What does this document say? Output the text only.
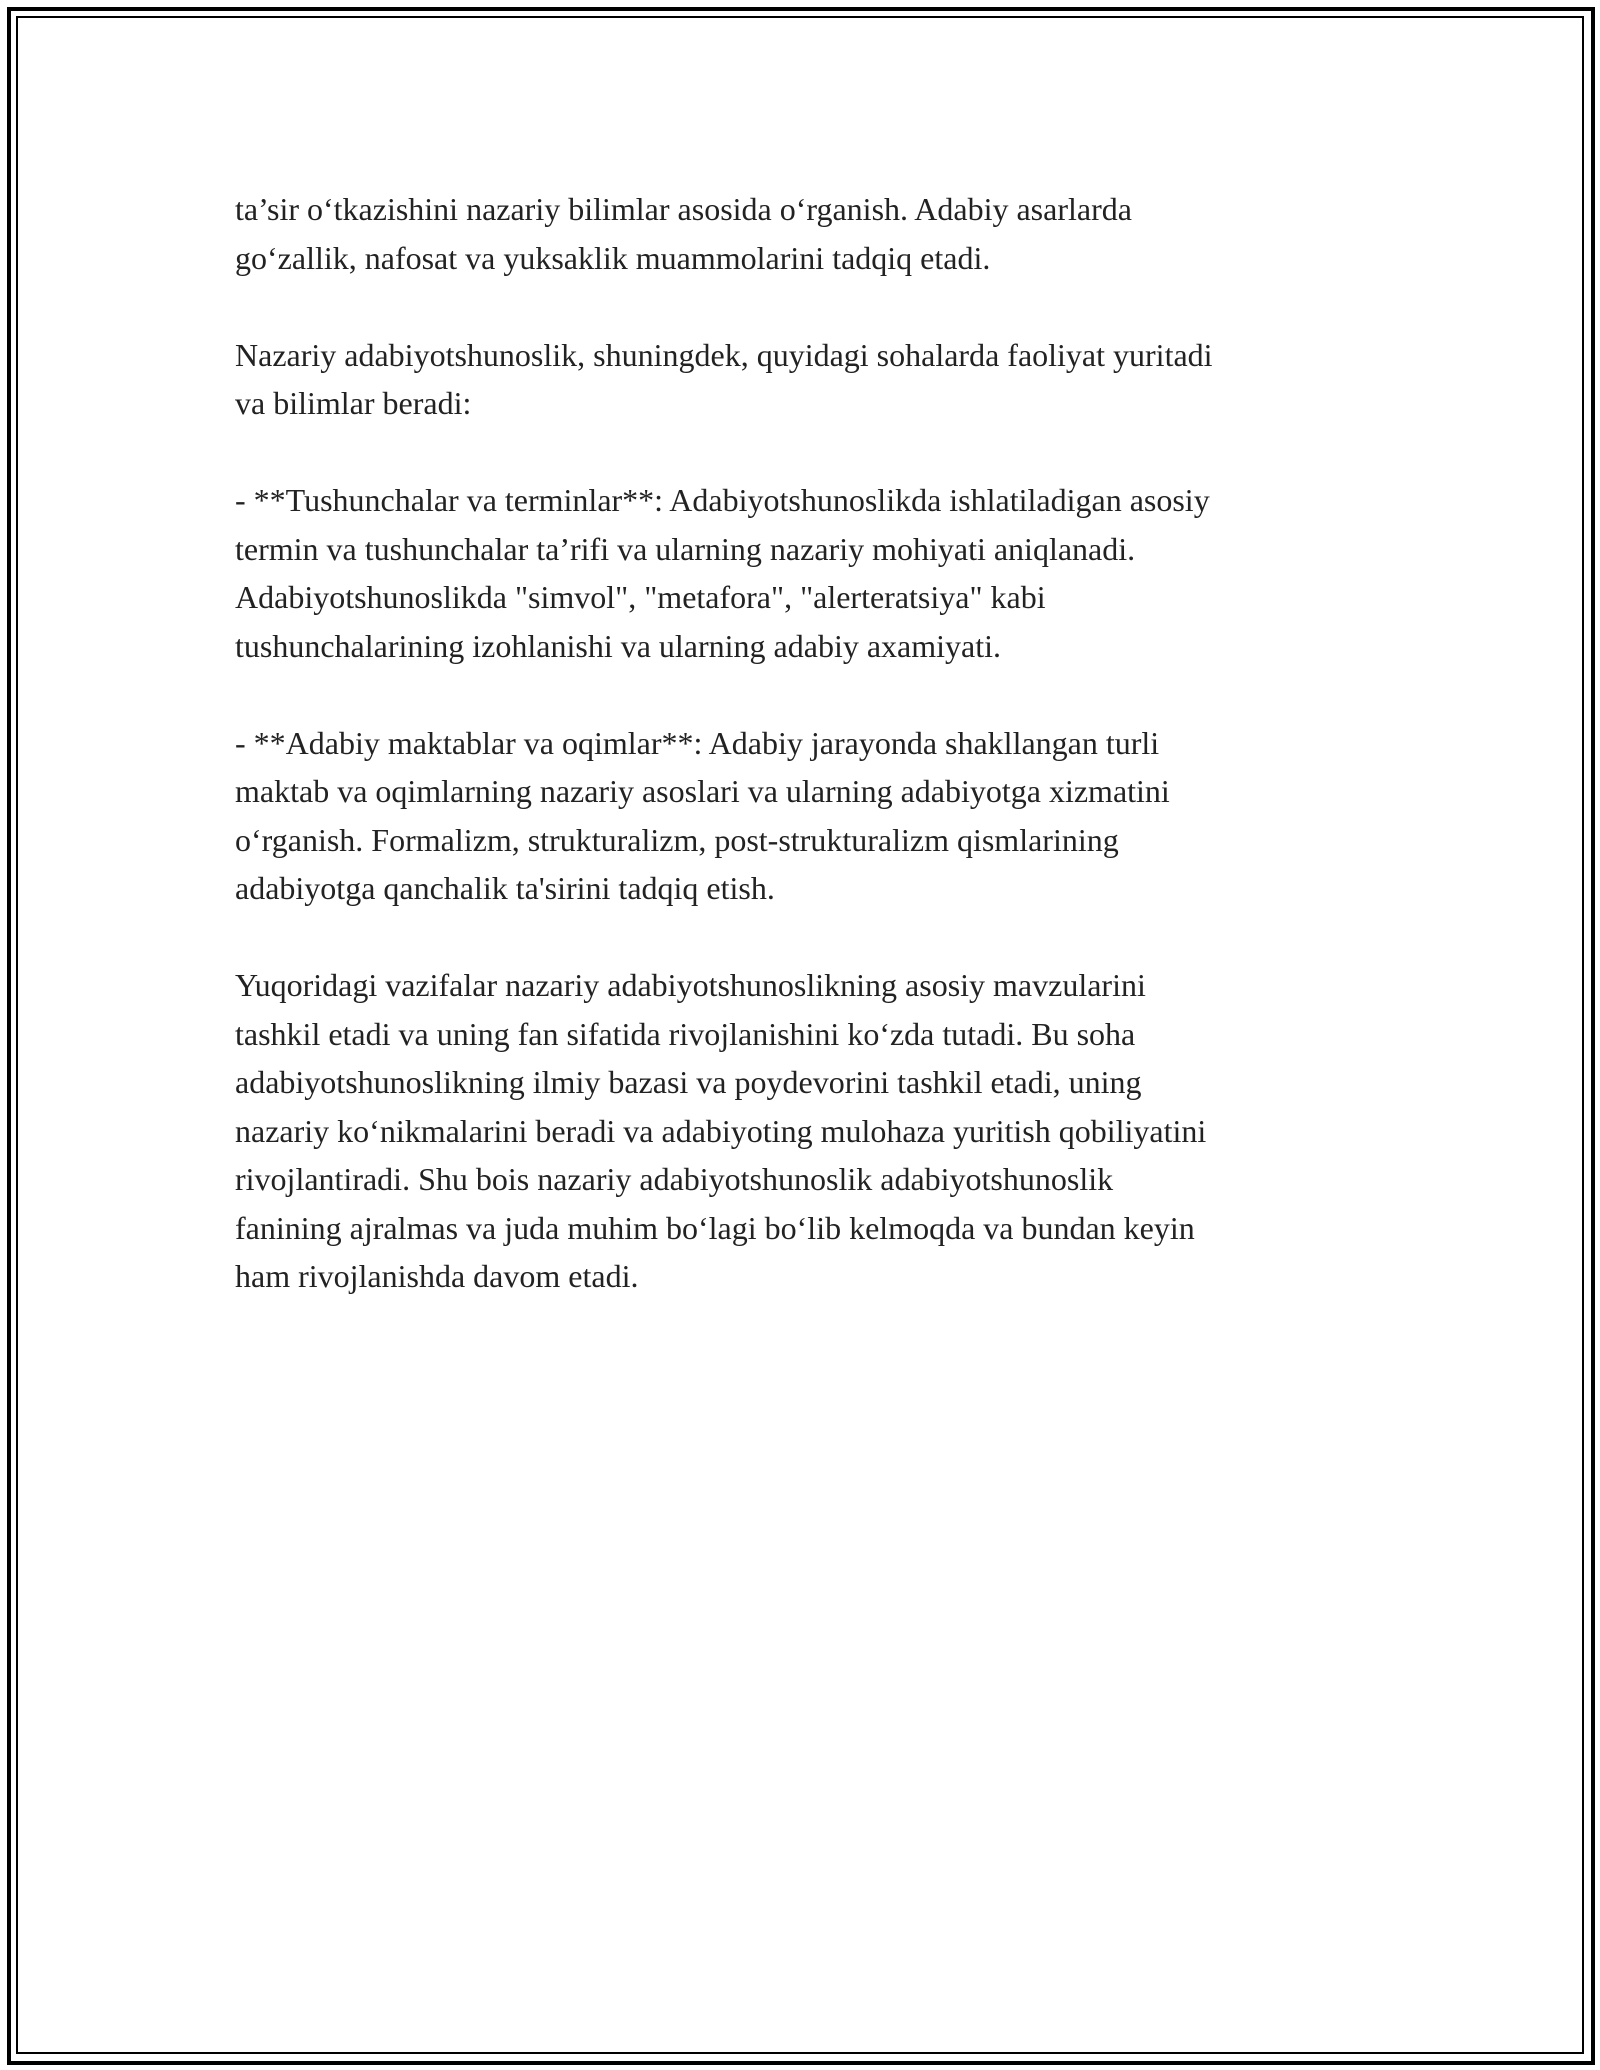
ta’sir o‘tkazishini nazariy bilimlar asosida o‘rganish. Adabiy asarlarda
go‘zallik, nafosat va yuksaklik muammolarini tadqiq etadi.

Nazariy adabiyotshunoslik, shuningdek, quyidagi sohalarda faoliyat yuritadi
va bilimlar beradi:

- **Tushunchalar va terminlar**: Adabiyotshunoslikda ishlatiladigan asosiy
termin va tushunchalar ta’rifi va ularning nazariy mohiyati aniqlanadi.
Adabiyotshunoslikda "simvol", "metafora", "alerteratsiya" kabi
tushunchalarining izohlanishi va ularning adabiy axamiyati.

- **Adabiy maktablar va oqimlar**: Adabiy jarayonda shakllangan turli
maktab va oqimlarning nazariy asoslari va ularning adabiyotga xizmatini
o‘rganish. Formalizm, strukturalizm, post-strukturalizm qismlarining
adabiyotga qanchalik ta'sirini tadqiq etish.

Yuqoridagi vazifalar nazariy adabiyotshunoslikning asosiy mavzularini
tashkil etadi va uning fan sifatida rivojlanishini ko‘zda tutadi. Bu soha
adabiyotshunoslikning ilmiy bazasi va poydevorini tashkil etadi, uning
nazariy ko‘nikmalarini beradi va adabiyoting mulohaza yuritish qobiliyatini
rivojlantiradi. Shu bois nazariy adabiyotshunoslik adabiyotshunoslik
fanining ajralmas va juda muhim bo‘lagi bo‘lib kelmoqda va bundan keyin
ham rivojlanishda davom etadi.
